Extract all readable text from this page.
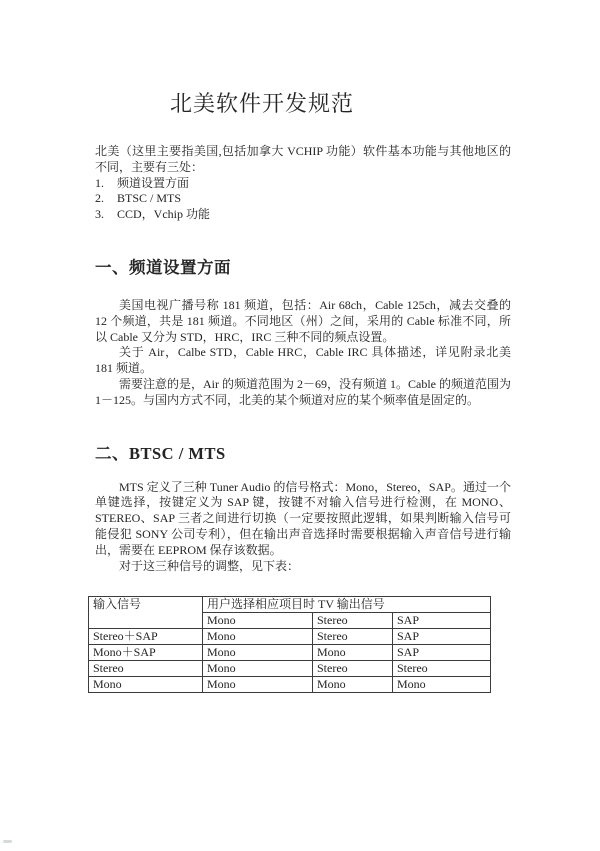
北美软件开发规范

北美（这里主要指美国,包括加拿大 VCHIP 功能）软件基本功能与其他地区的不同，主要有三处：

1.	频道设置方面
2.	BTSC / MTS
3.	CCD，Vchip 功能
一、频道设置方面

美国电视广播号称 181 频道，包括：Air 68ch，Cable 125ch，减去交叠的 12 个频道，共是 181 频道。不同地区（州）之间，采用的 Cable 标准不同，所以 Cable 又分为 STD，HRC，IRC 三种不同的频点设置。

关于 Air，Calbe STD，Cable HRC，Cable IRC 具体描述，详见附录北美 181 频道。

需要注意的是，Air 的频道范围为 2－69，没有频道 1。Cable 的频道范围为 1－125。与国内方式不同，北美的某个频道对应的某个频率值是固定的。

二、BTSC / MTS

MTS 定义了三种 Tuner Audio 的信号格式：Mono，Stereo，SAP。通过一个单键选择，按键定义为 SAP 键，按键不对输入信号进行检测，在 MONO、STEREO、SAP 三者之间进行切换（一定要按照此逻辑，如果判断输入信号可能侵犯 SONY 公司专利），但在输出声音选择时需要根据输入声音信号进行输出，需要在 EEPROM 保存该数据。

对于这三种信号的调整，见下表：

输入信号	用户选择相应项目时 TV 输出信号		
	Mono	Stereo	SAP
Stereo＋SAP	Mono	Stereo	SAP
Mono＋SAP	Mono	Mono	SAP
Stereo	Mono	Stereo	Stereo
Mono	Mono	Mono	Mono
